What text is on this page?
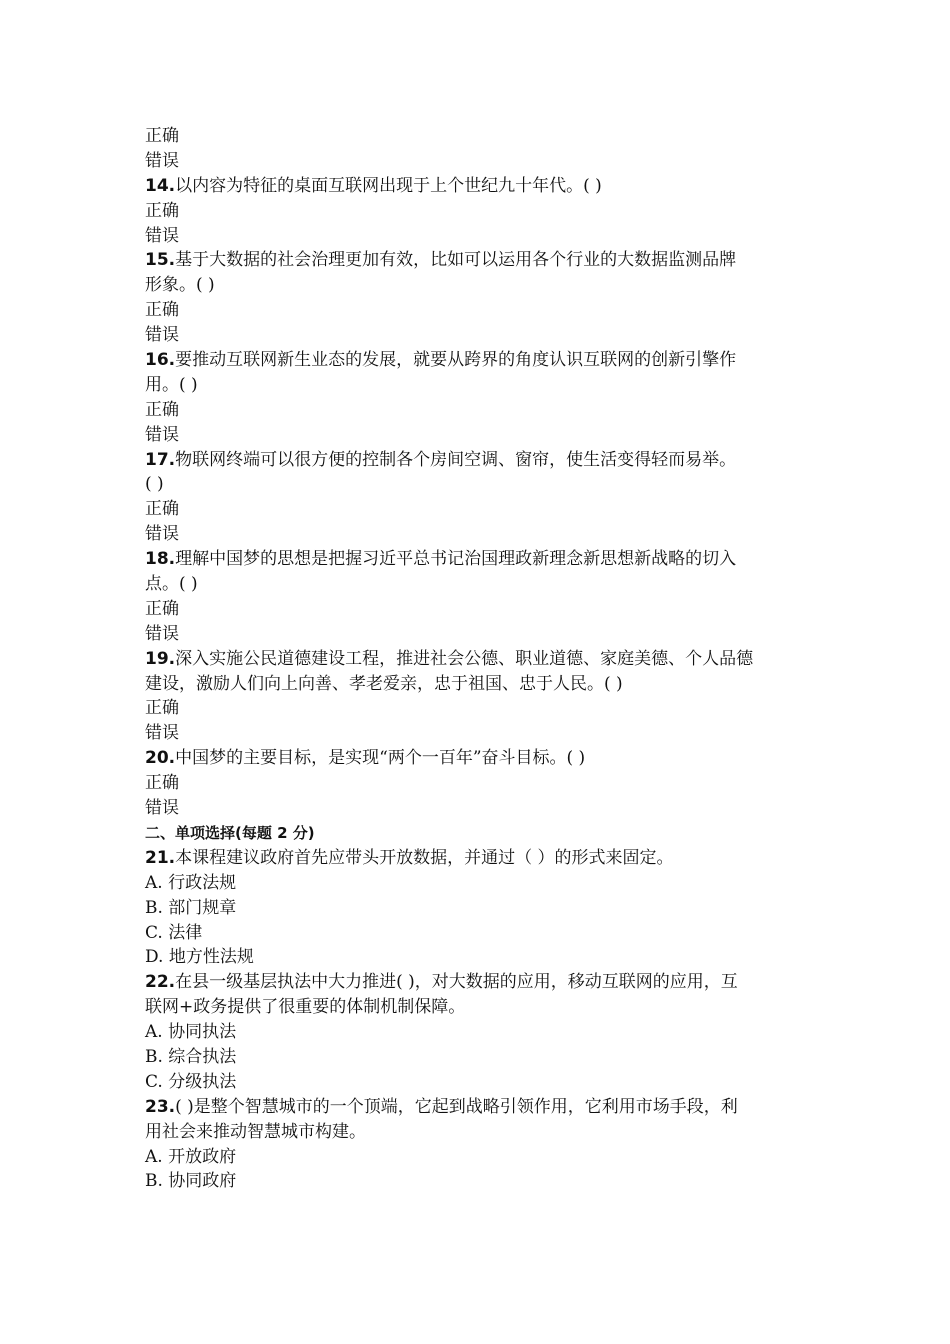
正确
错误
14.以内容为特征的桌面互联网出现于上个世纪九十年代。( )
正确
错误
15.基于大数据的社会治理更加有效，比如可以运用各个行业的大数据监测品牌
形象。( )
正确
错误
16.要推动互联网新生业态的发展，就要从跨界的角度认识互联网的创新引擎作
用。( )
正确
错误
17.物联网终端可以很方便的控制各个房间空调、窗帘，使生活变得轻而易举。
( )
正确
错误
18.理解中国梦的思想是把握习近平总书记治国理政新理念新思想新战略的切入
点。( )
正确
错误
19.深入实施公民道德建设工程，推进社会公德、职业道德、家庭美德、个人品德
建设，激励人们向上向善、孝老爱亲，忠于祖国、忠于人民。( )
正确
错误
20.中国梦的主要目标，是实现“两个一百年”奋斗目标。( )
正确
错误
二、单项选择(每题 2 分)
21.本课程建议政府首先应带头开放数据，并通过（ ）的形式来固定。
A. 行政法规
B. 部门规章
C. 法律
D. 地方性法规
22.在县一级基层执法中大力推进( )，对大数据的应用，移动互联网的应用，互
联网+政务提供了很重要的体制机制保障。
A. 协同执法
B. 综合执法
C. 分级执法
23.( )是整个智慧城市的一个顶端，它起到战略引领作用，它利用市场手段，利
用社会来推动智慧城市构建。
A. 开放政府
B. 协同政府
